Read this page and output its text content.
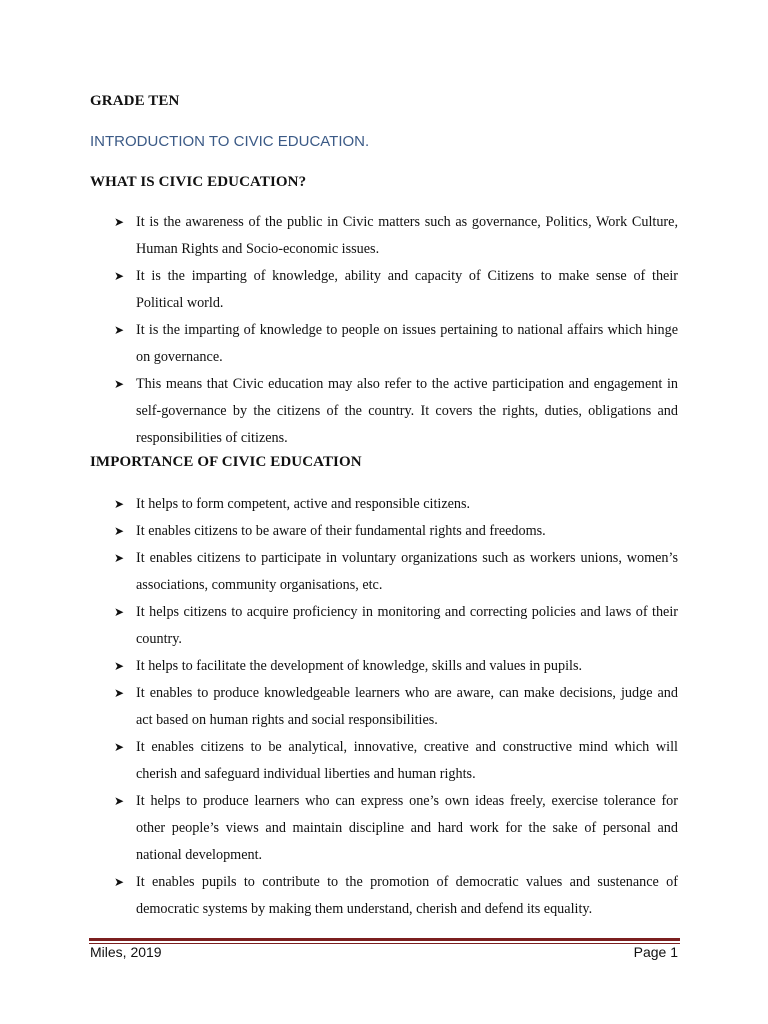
GRADE TEN
INTRODUCTION TO CIVIC EDUCATION.
WHAT IS CIVIC EDUCATION?
➤ It is the awareness of the public in Civic matters such as governance, Politics, Work Culture, Human Rights and Socio-economic issues.
➤ It is the imparting of knowledge, ability and capacity of Citizens to make sense of their Political world.
➤ It is the imparting of knowledge to people on issues pertaining to national affairs which hinge on governance.
➤ This means that Civic education may also refer to the active participation and engagement in self-governance by the citizens of the country. It covers the rights, duties, obligations and responsibilities of citizens.
IMPORTANCE OF CIVIC EDUCATION
➤ It helps to form competent, active and responsible citizens.
➤ It enables citizens to be aware of their fundamental rights and freedoms.
➤ It enables citizens to participate in voluntary organizations such as workers unions, women’s associations, community organisations, etc.
➤ It helps citizens to acquire proficiency in monitoring and correcting policies and laws of their country.
➤ It helps to facilitate the development of knowledge, skills and values in pupils.
➤ It enables to produce knowledgeable learners who are aware, can make decisions, judge and act based on human rights and social responsibilities.
➤ It enables citizens to be analytical, innovative, creative and constructive mind which will cherish and safeguard individual liberties and human rights.
➤ It helps to produce learners who can express one’s own ideas freely, exercise tolerance for other people’s views and maintain discipline and hard work for the sake of personal and national development.
➤ It enables pupils to contribute to the promotion of democratic values and sustenance of democratic systems by making them understand, cherish and defend its equality.
Miles, 2019	Page 1
